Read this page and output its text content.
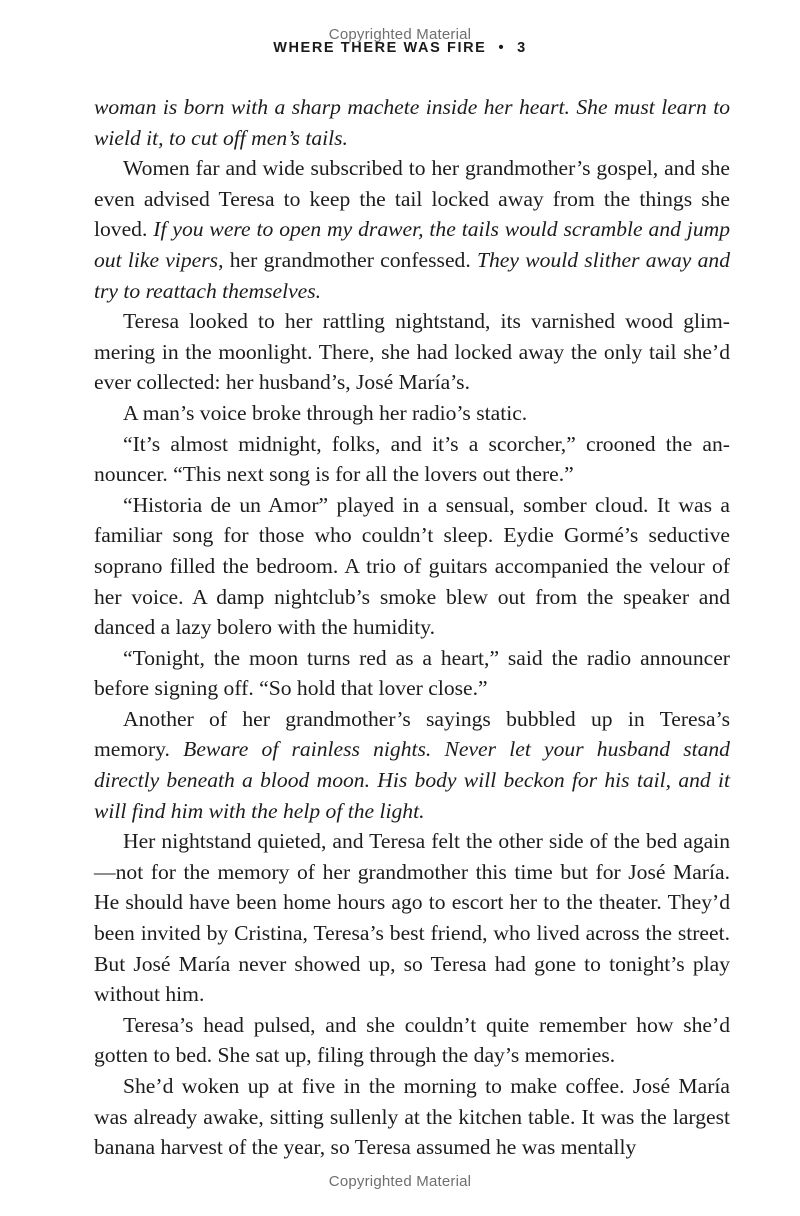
Copyrighted Material
WHERE THERE WAS FIRE • 3

woman is born with a sharp machete inside her heart. She must learn to wield it, to cut off men’s tails.

Women far and wide subscribed to her grandmother’s gospel, and she even advised Teresa to keep the tail locked away from the things she loved. If you were to open my drawer, the tails would scramble and jump out like vipers, her grandmother confessed. They would slither away and try to reattach themselves.

Teresa looked to her rattling nightstand, its varnished wood glimmering in the moonlight. There, she had locked away the only tail she’d ever collected: her husband’s, José María’s.

A man’s voice broke through her radio’s static.

“It’s almost midnight, folks, and it’s a scorcher,” crooned the announcer. “This next song is for all the lovers out there.”

“Historia de un Amor” played in a sensual, somber cloud. It was a familiar song for those who couldn’t sleep. Eydie Gormé’s seductive soprano filled the bedroom. A trio of guitars accompanied the velour of her voice. A damp nightclub’s smoke blew out from the speaker and danced a lazy bolero with the humidity.

“Tonight, the moon turns red as a heart,” said the radio announcer before signing off. “So hold that lover close.”

Another of her grandmother’s sayings bubbled up in Teresa’s memory. Beware of rainless nights. Never let your husband stand directly beneath a blood moon. His body will beckon for his tail, and it will find him with the help of the light.

Her nightstand quieted, and Teresa felt the other side of the bed again—not for the memory of her grandmother this time but for José María. He should have been home hours ago to escort her to the theater. They’d been invited by Cristina, Teresa’s best friend, who lived across the street. But José María never showed up, so Teresa had gone to tonight’s play without him.

Teresa’s head pulsed, and she couldn’t quite remember how she’d gotten to bed. She sat up, filing through the day’s memories.

She’d woken up at five in the morning to make coffee. José María was already awake, sitting sullenly at the kitchen table. It was the largest banana harvest of the year, so Teresa assumed he was mentally

Copyrighted Material
